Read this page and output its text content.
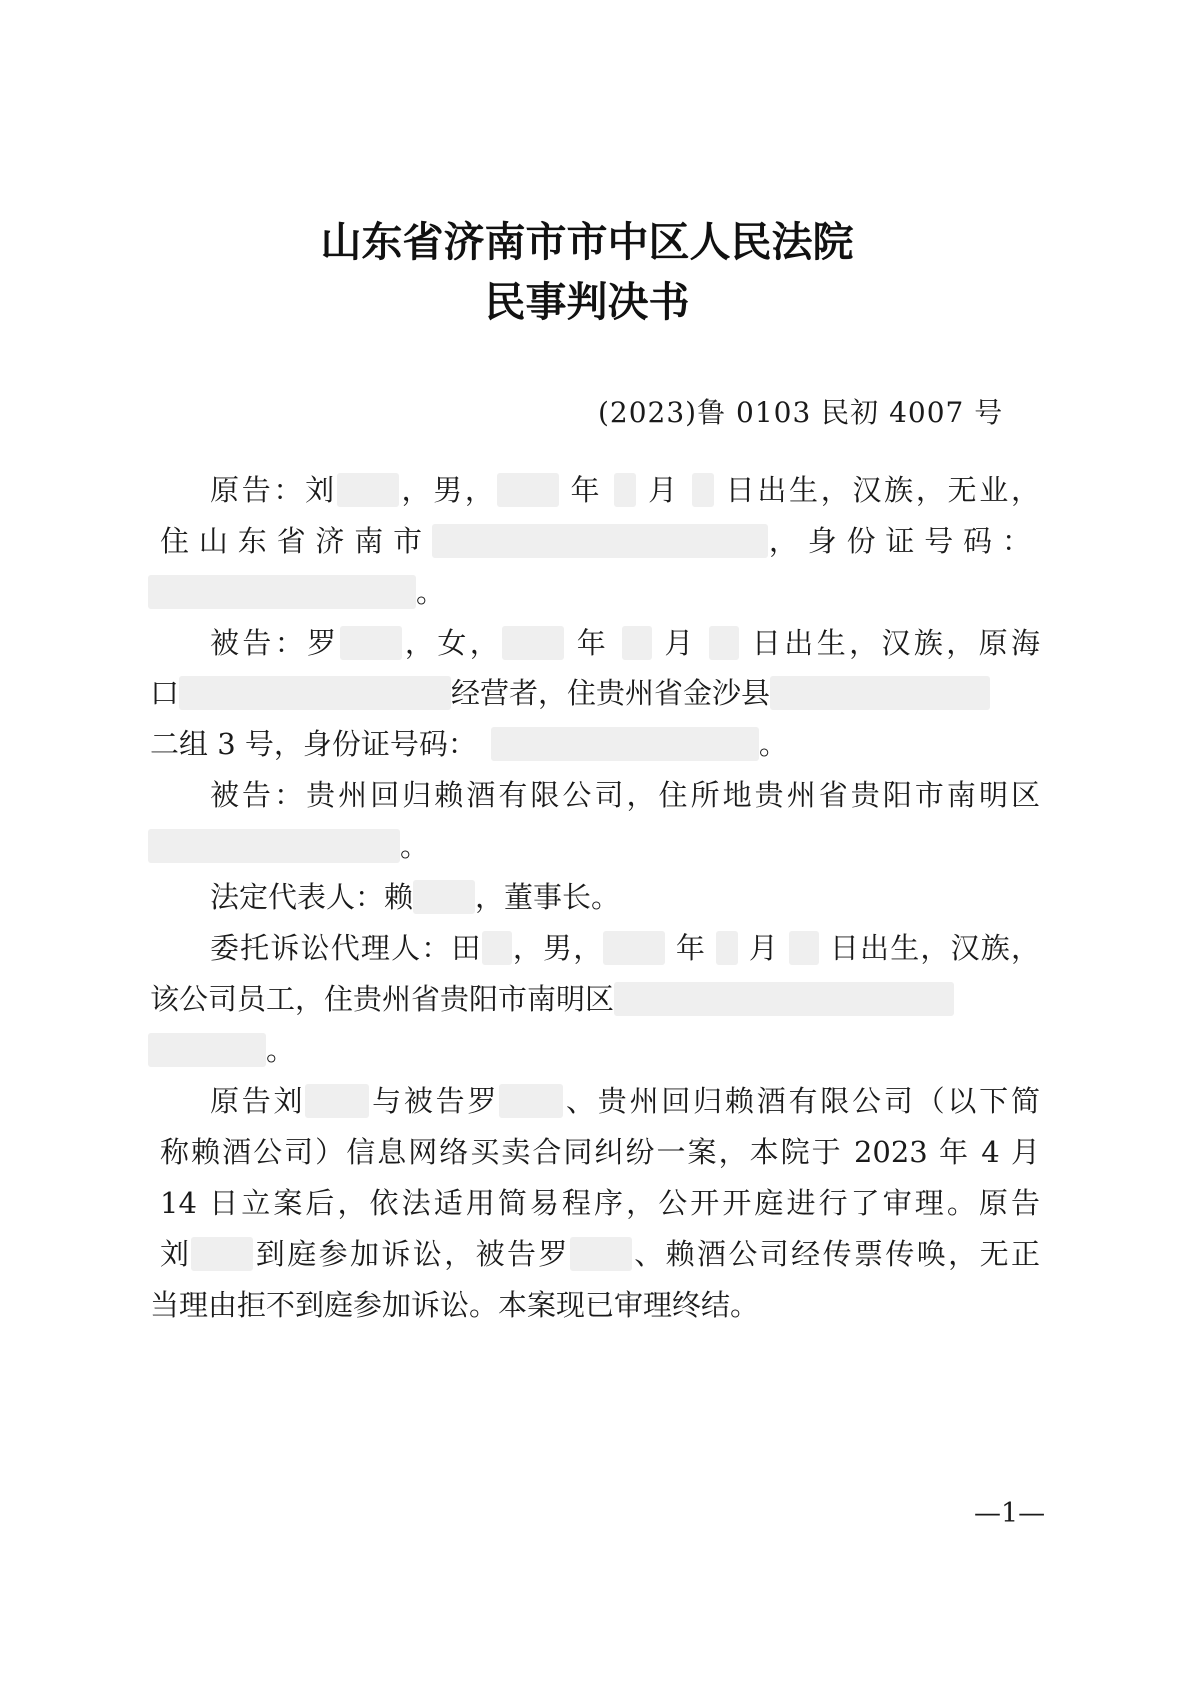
山东省济南市市中区人民法院
民事判决书
(2023)鲁 0103 民初 4007 号
原告：刘 ，男，	年 月 日出生，汉族，无业，
住山东省济南市	，身份证号码：
。
被告：罗 ，女，	年 月 日出生，汉族，原海
口	经营者，住贵州省金沙县
二组 3 号，身份证号码：	。
被告：贵州回归赖酒有限公司，住所地贵州省贵阳市南明区
。
法定代表人：赖 ，董事长。
委托诉讼代理人：田 ，男， 年 月 日出生，汉族，
该公司员工，住贵州省贵阳市南明区
。
原告刘 与被告罗 、贵州回归赖酒有限公司（以下简
称赖酒公司）信息网络买卖合同纠纷一案，本院于 2023 年 4 月
14 日立案后，依法适用简易程序，公开开庭进行了审理。原告
刘 到庭参加诉讼，被告罗 、赖酒公司经传票传唤，无正
当理由拒不到庭参加诉讼。本案现已审理终结。
—1—
